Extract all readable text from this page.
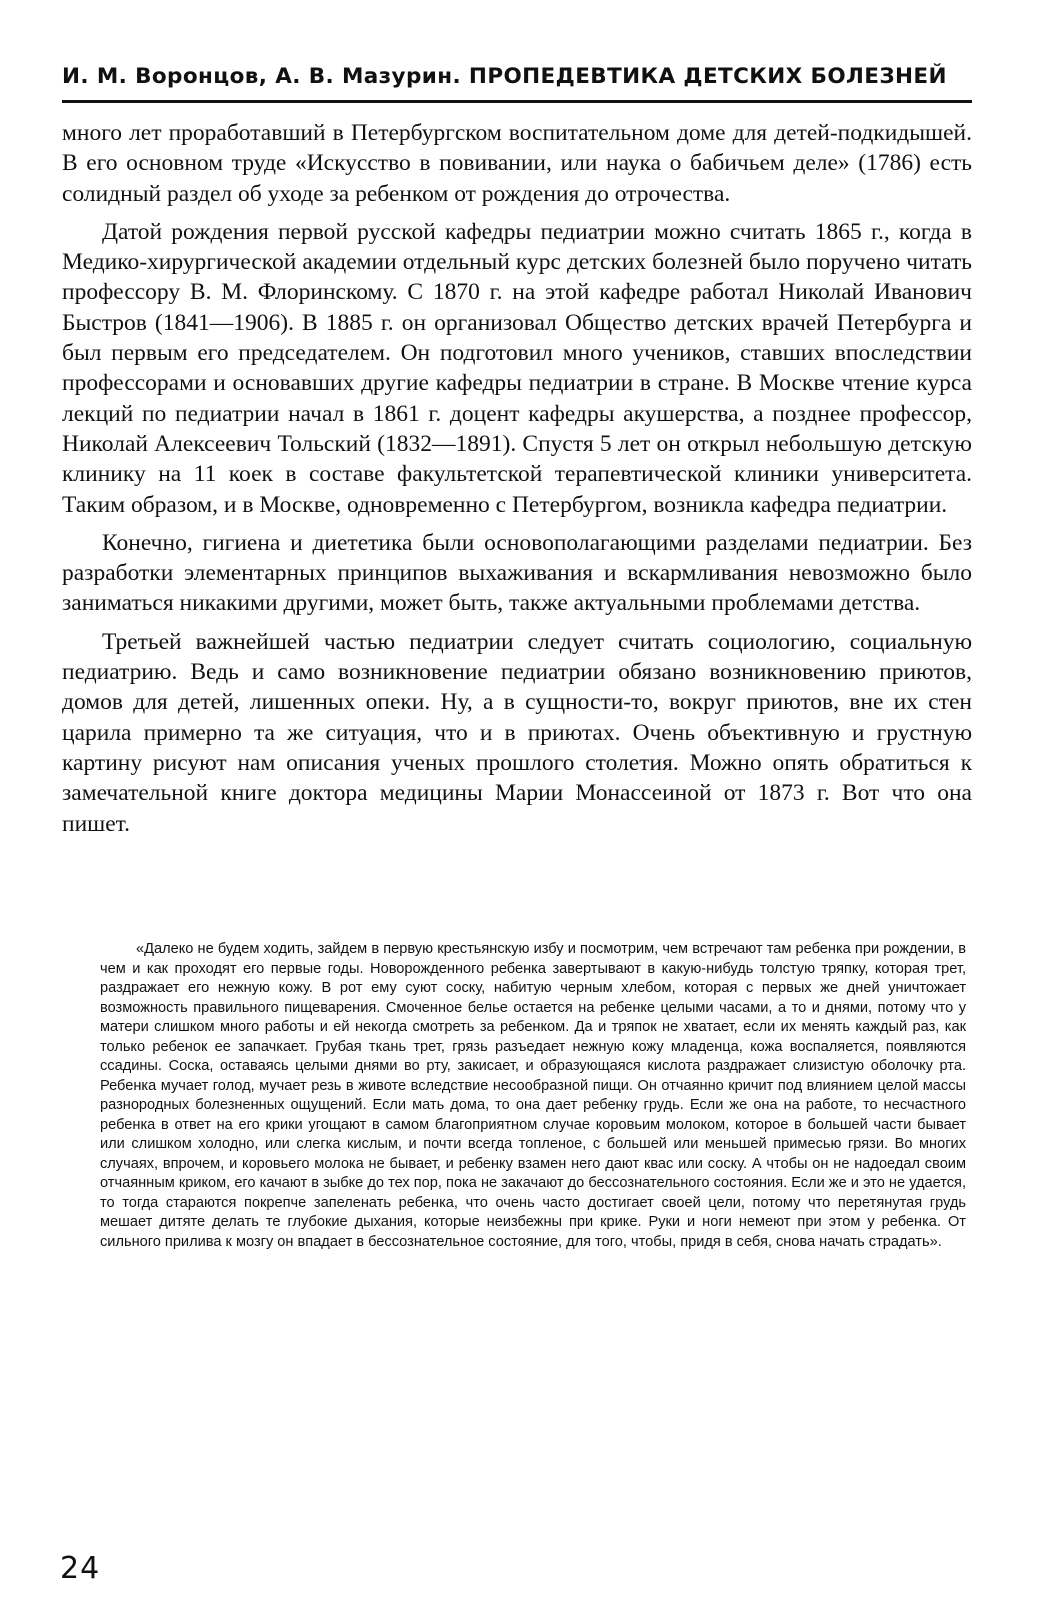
И. М. Воронцов, А. В. Мазурин. ПРОПЕДЕВТИКА ДЕТСКИХ БОЛЕЗНЕЙ

много лет проработавший в Петербургском воспитательном доме для детей-подкидышей. В его основном труде «Искусство в повивании, или наука о бабичьем деле» (1786) есть солидный раздел об уходе за ребенком от рождения до отрочества.

Датой рождения первой русской кафедры педиатрии можно считать 1865 г., когда в Медико-хирургической академии отдельный курс детских болезней было поручено читать профессору В. М. Флоринскому. С 1870 г. на этой кафедре работал Николай Иванович Быстров (1841—1906). В 1885 г. он организовал Общество детских врачей Петербурга и был первым его председателем. Он подготовил много учеников, ставших впоследствии профессорами и основавших другие кафедры педиатрии в стране. В Москве чтение курса лекций по педиатрии начал в 1861 г. доцент кафедры акушерства, а позднее профессор, Николай Алексеевич Тольский (1832—1891). Спустя 5 лет он открыл небольшую детскую клинику на 11 коек в составе факультетской терапевтической клиники университета. Таким образом, и в Москве, одновременно с Петербургом, возникла кафедра педиатрии.

Конечно, гигиена и диететика были основополагающими разделами педиатрии. Без разработки элементарных принципов выхаживания и вскармливания невозможно было заниматься никакими другими, может быть, также актуальными проблемами детства.

Третьей важнейшей частью педиатрии следует считать социологию, социальную педиатрию. Ведь и само возникновение педиатрии обязано возникновению приютов, домов для детей, лишенных опеки. Ну, а в сущности-то, вокруг приютов, вне их стен царила примерно та же ситуация, что и в приютах. Очень объективную и грустную картину рисуют нам описания ученых прошлого столетия. Можно опять обратиться к замечательной книге доктора медицины Марии Монассеиной от 1873 г. Вот что она пишет.

«Далеко не будем ходить, зайдем в первую крестьянскую избу и посмотрим, чем встречают там ребенка при рождении, в чем и как проходят его первые годы. Новорожденного ребенка завертывают в какую-нибудь толстую тряпку, которая трет, раздражает его нежную кожу. В рот ему суют соску, набитую черным хлебом, которая с первых же дней уничтожает возможность правильного пищеварения. Смоченное белье остается на ребенке целыми часами, а то и днями, потому что у матери слишком много работы и ей некогда смотреть за ребенком. Да и тряпок не хватает, если их менять каждый раз, как только ребенок ее запачкает. Грубая ткань трет, грязь разъедает нежную кожу младенца, кожа воспаляется, появляются ссадины. Соска, оставаясь целыми днями во рту, закисает, и образующаяся кислота раздражает слизистую оболочку рта. Ребенка мучает голод, мучает резь в животе вследствие несообразной пищи. Он отчаянно кричит под влиянием целой массы разнородных болезненных ощущений. Если мать дома, то она дает ребенку грудь. Если же она на работе, то несчастного ребенка в ответ на его крики угощают в самом благоприятном случае коровьим молоком, которое в большей части бывает или слишком холодно, или слегка кислым, и почти всегда топленое, с большей или меньшей примесью грязи. Во многих случаях, впрочем, и коровьего молока не бывает, и ребенку взамен него дают квас или соску. А чтобы он не надоедал своим отчаянным криком, его качают в зыбке до тех пор, пока не закачают до бессознательного состояния. Если же и это не удается, то тогда стараются покрепче запеленать ребенка, что очень часто достигает своей цели, потому что перетянутая грудь мешает дитяте делать те глубокие дыхания, которые неизбежны при крике. Руки и ноги немеют при этом у ребенка. От сильного прилива к мозгу он впадает в бессознательное состояние, для того, чтобы, придя в себя, снова начать страдать».

24
